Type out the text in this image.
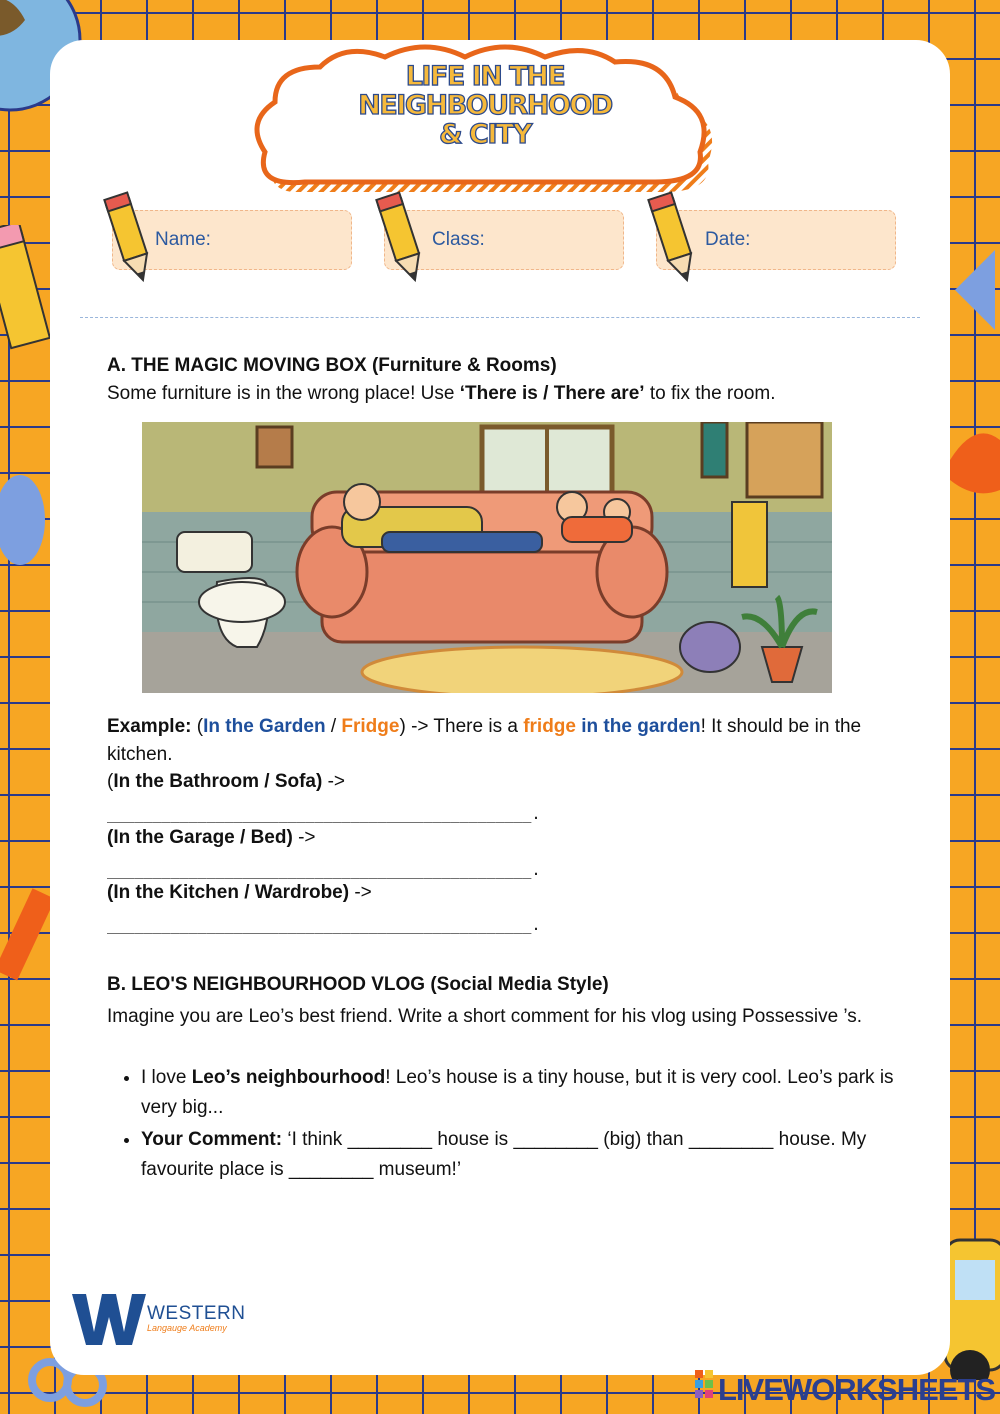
LIFE IN THE
NEIGHBOURHOOD
& CITY
Name:	Class:	Date:
A. THE MAGIC MOVING BOX (Furniture & Rooms)
Some furniture is in the wrong place! Use ‘There is / There are’ to fix the room.
Example: (In the Garden / Fridge) -> There is a fridge in the garden! It should be in the kitchen.
(In the Bathroom / Sofa) ->
_______________________________________________.
(In the Garage / Bed) ->
_______________________________________________.
(In the Kitchen / Wardrobe) ->
_______________________________________________.
B. LEO'S NEIGHBOURHOOD VLOG (Social Media Style)
Imagine you are Leo’s best friend. Write a short comment for his vlog using Possessive ’s.
• I love Leo’s neighbourhood! Leo’s house is a tiny house, but it is very cool. Leo’s park is very big...
• Your Comment: ‘I think ________ house is ________ (big) than ________ house. My favourite place is ________ museum!’
WESTERN
Langauge Academy
LIVEWORKSHEETS
